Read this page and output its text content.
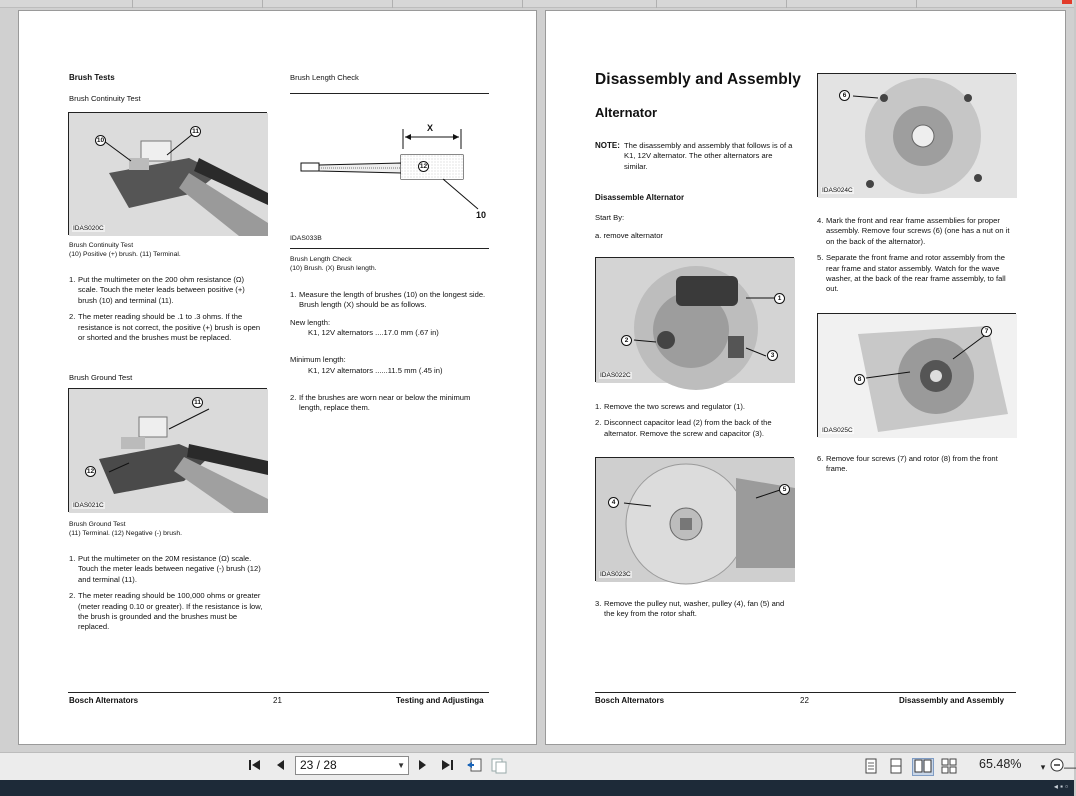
Brush Tests
Brush Continuity Test
10
11
IDAS020C
Brush Continuity Test
(10) Positive (+) brush. (11) Terminal.
1. Put the multimeter on the 200 ohm resistance (Ω) scale. Touch the meter leads between positive (+) brush (10) and terminal (11).
2. The meter reading should be .1 to .3 ohms. If the resistance is not correct, the positive (+) brush is open or shorted and the brushes must be replaced.
Brush Ground Test
11
12
IDAS021C
Brush Ground Test
(11) Terminal. (12) Negative (-) brush.
1. Put the multimeter on the 20M resistance (Ω) scale. Touch the meter leads between negative (-) brush (12) and terminal (11).
2. The meter reading should be 100,000 ohms or greater (meter reading 0.10 or greater). If the resistance is low, the brush is grounded and the brushes must be replaced.
Brush Length Check
X
12
10
IDAS033B
Brush Length Check
(10) Brush. (X) Brush length.
1. Measure the length of brushes (10) on the longest side. Brush length (X) should be as follows.
New length:
K1, 12V alternators ....17.0 mm (.67 in)
Minimum length:
K1, 12V alternators ......11.5 mm (.45 in)
2. If the brushes are worn near or below the minimum length, replace them.
Bosch Alternators	21	Testing and Adjustinga
Disassembly and Assembly
Alternator
NOTE: The disassembly and assembly that follows is of a K1, 12V alternator. The other alternators are similar.
Disassemble Alternator
Start By:
a. remove alternator
1
2
3
IDAS022C
1. Remove the two screws and regulator (1).
2. Disconnect capacitor lead (2) from the back of the alternator. Remove the screw and capacitor (3).
4
5
IDAS023C
3. Remove the pulley nut, washer, pulley (4), fan (5) and the key from the rotor shaft.
6
IDAS024C
4. Mark the front and rear frame assemblies for proper assembly. Remove four screws (6) (one has a nut on it on the back of the alternator).
5. Separate the front frame and rotor assembly from the rear frame and stator assembly. Watch for the wave washer, at the back of the rear frame assembly, to fall out.
7
8
IDAS025C
6. Remove four screws (7) and rotor (8) from the front frame.
Bosch Alternators	22	Disassembly and Assembly
▾	—
23 / 28	▼	65.48%
◂ ▪ ▫
